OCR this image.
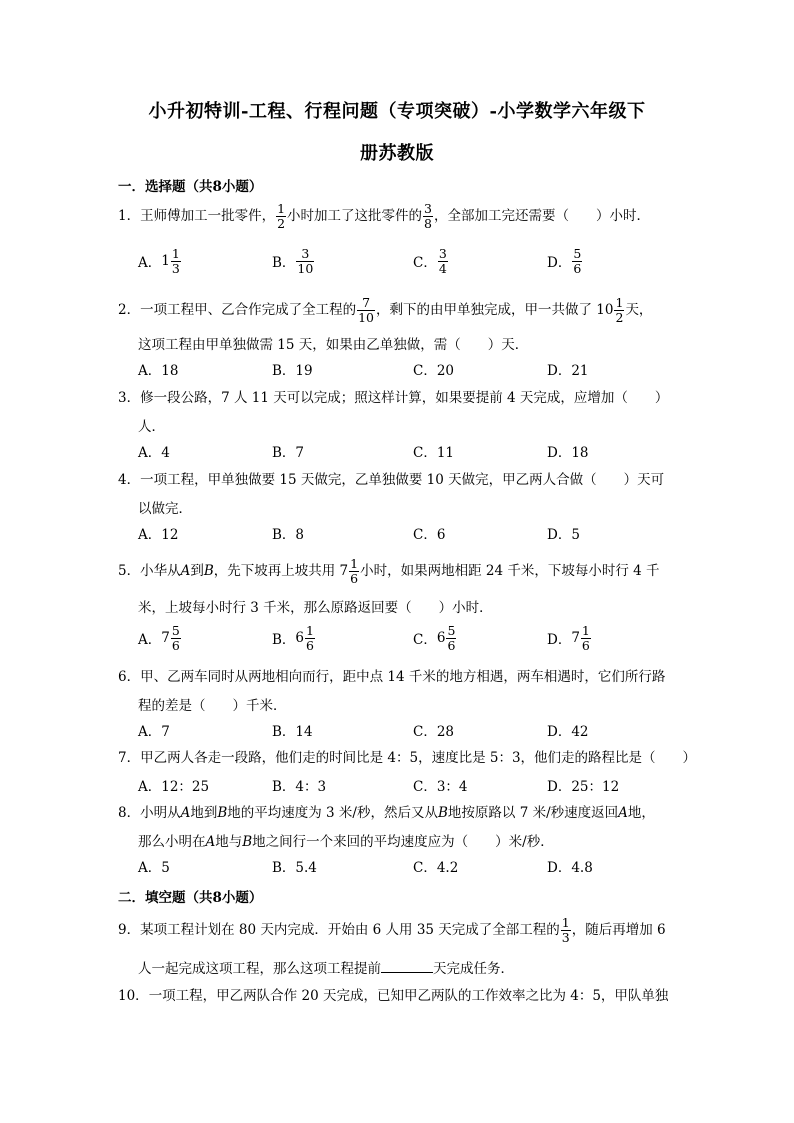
小升初特训-工程、行程问题（专项突破）-小学数学六年级下
册苏教版
一．选择题（共8小题）
1．王师傅加工一批零件， $\frac{1}{2}$ 小时加工了这批零件的 $\frac{3}{8}$ ，全部加工完还需要（　　）小时．
A． $1 \frac{1}{3}$	B． $\frac{3}{10}$	C． $\frac{3}{4}$	D． $\frac{5}{6}$
2．一项工程甲、乙合作完成了全工程的 $\frac{7}{10}$ ，剩下的由甲单独完成，甲一共做了 $10 \frac{1}{2}$ 天，
这项工程由甲单独做需 15 天，如果由乙单独做，需（　　）天．
A．18	B．19	C．20	D．21
3．修一段公路，7 人 11 天可以完成；照这样计算，如果要提前 4 天完成，应增加（　　）
人．
A．4	B．7	C．11	D．18
4．一项工程，甲单独做要 15 天做完，乙单独做要 10 天做完，甲乙两人合做（　　）天可
以做完．
A．12	B．8	C．6	D．5
5．小华从A到B，先下坡再上坡共用 $7 \frac{1}{6}$ 小时，如果两地相距 24 千米，下坡每小时行 4 千
米，上坡每小时行 3 千米，那么原路返回要（　　）小时．
A． $7 \frac{5}{6}$	B． $6 \frac{1}{6}$	C． $6 \frac{5}{6}$	D． $7 \frac{1}{6}$
6．甲、乙两车同时从两地相向而行，距中点 14 千米的地方相遇，两车相遇时，它们所行路
程的差是（　　）千米．
A．7	B．14	C．28	D．42
7．甲乙两人各走一段路，他们走的时间比是 4：5，速度比是 5：3，他们走的路程比是（　　）
A．12：25	B．4：3	C．3：4	D．25：12
8．小明从A地到B地的平均速度为 3 米/秒，然后又从B地按原路以 7 米/秒速度返回A地，
那么小明在A地与B地之间行一个来回的平均速度应为（　　）米/秒．
A．5	B．5.4	C．4.2	D．4.8
二．填空题（共8小题）
9．某项工程计划在 80 天内完成．开始由 6 人用 35 天完成了全部工程的 $\frac{1}{3}$ ，随后再增加 6
人一起完成这项工程，那么这项工程提前	天完成任务．
10．一项工程，甲乙两队合作 20 天完成，已知甲乙两队的工作效率之比为 4：5，甲队单独
